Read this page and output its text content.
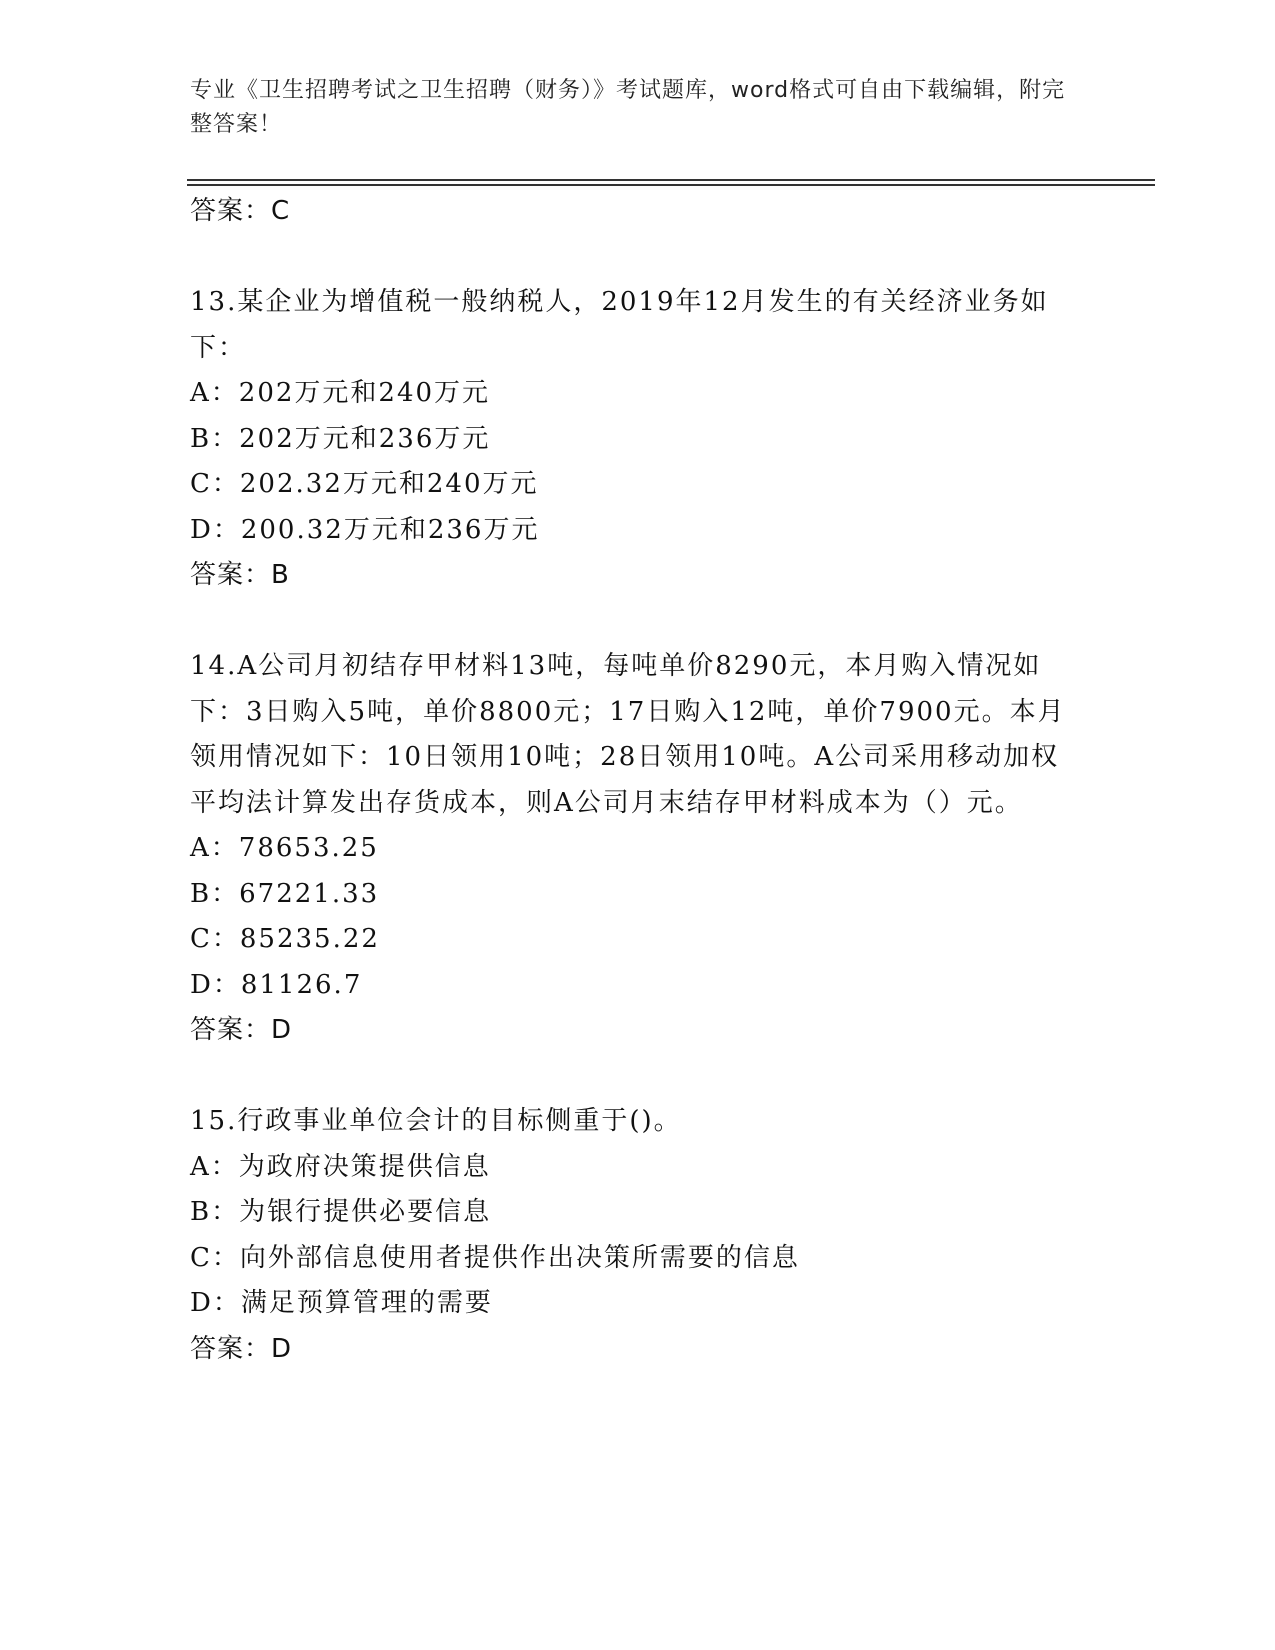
专业《卫生招聘考试之卫生招聘（财务）》考试题库，word格式可自由下载编辑，附完整答案！
答案：C
13.某企业为增值税一般纳税人，2019年12月发生的有关经济业务如下：
A：202万元和240万元
B：202万元和236万元
C：202.32万元和240万元
D：200.32万元和236万元
答案：B
14.A公司月初结存甲材料13吨，每吨单价8290元，本月购入情况如下：3日购入5吨，单价8800元；17日购入12吨，单价7900元。本月领用情况如下：10日领用10吨；28日领用10吨。A公司采用移动加权平均法计算发出存货成本，则A公司月末结存甲材料成本为（）元。
A：78653.25
B：67221.33
C：85235.22
D：81126.7
答案：D
15.行政事业单位会计的目标侧重于()。
A：为政府决策提供信息
B：为银行提供必要信息
C：向外部信息使用者提供作出决策所需要的信息
D：满足预算管理的需要
答案：D
